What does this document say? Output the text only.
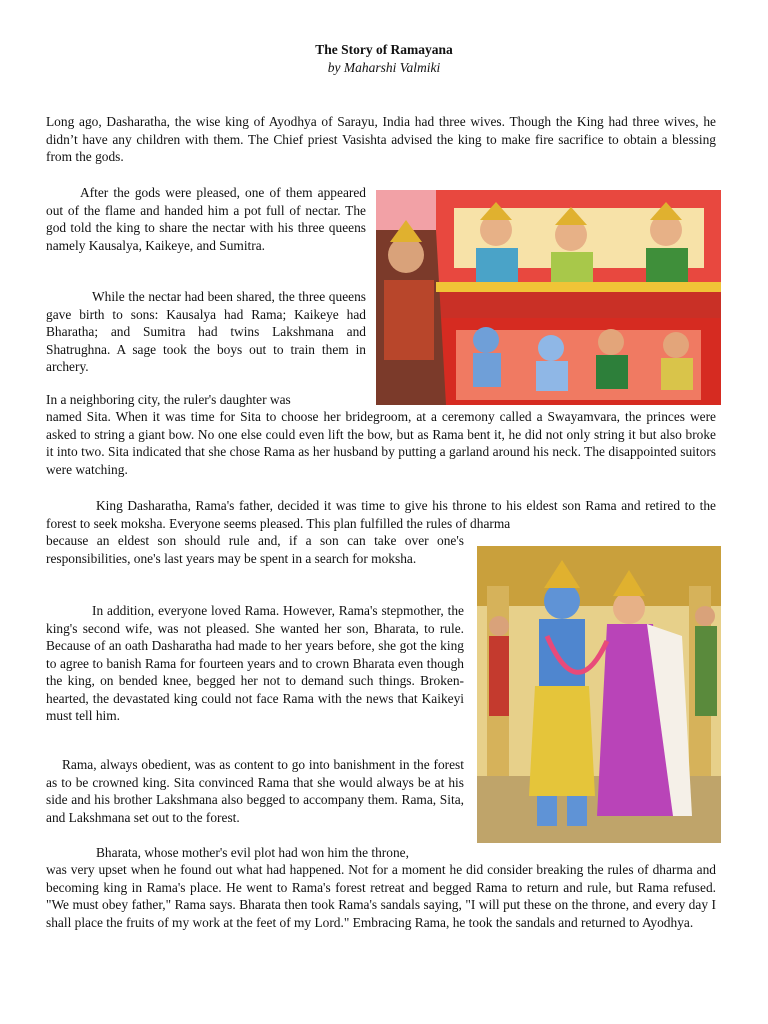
The Story of Ramayana
by Maharshi Valmiki

Long ago, Dasharatha, the wise king of Ayodhya of Sarayu, India had three wives. Though the King had three wives, he didn’t have any children with them. The Chief priest Vasishta advised the king to make fire sacrifice to obtain a blessing from the gods.

After the gods were pleased, one of them appeared out of the flame and handed him a pot full of nectar. The god told the king to share the nectar with his three queens namely Kausalya, Kaikeye, and Sumitra.

While the nectar had been shared, the three queens gave birth to sons: Kausalya had Rama; Kaikeye had Bharatha; and Sumitra had twins Lakshmana and Shatrughna. A sage took the boys out to train them in archery.

In a neighboring city, the ruler's daughter was

named Sita. When it was time for Sita to choose her bridegroom, at a ceremony called a Swayamvara, the princes were asked to string a giant bow. No one else could even lift the bow, but as Rama bent it, he did not only string it but also broke it into two. Sita indicated that she chose Rama as her husband by putting a garland around his neck. The disappointed suitors were watching.

King Dasharatha, Rama's father, decided it was time to give his throne to his eldest son Rama and retired to the forest to seek moksha. Everyone seems pleased. This plan fulfilled the rules of dharma

because an eldest son should rule and, if a son can take over one's responsibilities, one's last years may be spent in a search for moksha.

In addition, everyone loved Rama. However, Rama's stepmother, the king's second wife, was not pleased. She wanted her son, Bharata, to rule. Because of an oath Dasharatha had made to her years before, she got the king to agree to banish Rama for fourteen years and to crown Bharata even though the king, on bended knee, begged her not to demand such things. Broken-hearted, the devastated king could not face Rama with the news that Kaikeyi must tell him.

Rama, always obedient, was as content to go into banishment in the forest as to be crowned king. Sita convinced Rama that she would always be at his side and his brother Lakshmana also begged to accompany them. Rama, Sita, and Lakshmana set out to the forest.

Bharata, whose mother's evil plot had won him the throne,

was very upset when he found out what had happened. Not for a moment he did consider breaking the rules of dharma and becoming king in Rama's place. He went to Rama's forest retreat and begged Rama to return and rule, but Rama refused. "We must obey father," Rama says. Bharata then took Rama's sandals saying, "I will put these on the throne, and every day I shall place the fruits of my work at the feet of my Lord." Embracing Rama, he took the sandals and returned to Ayodhya.
